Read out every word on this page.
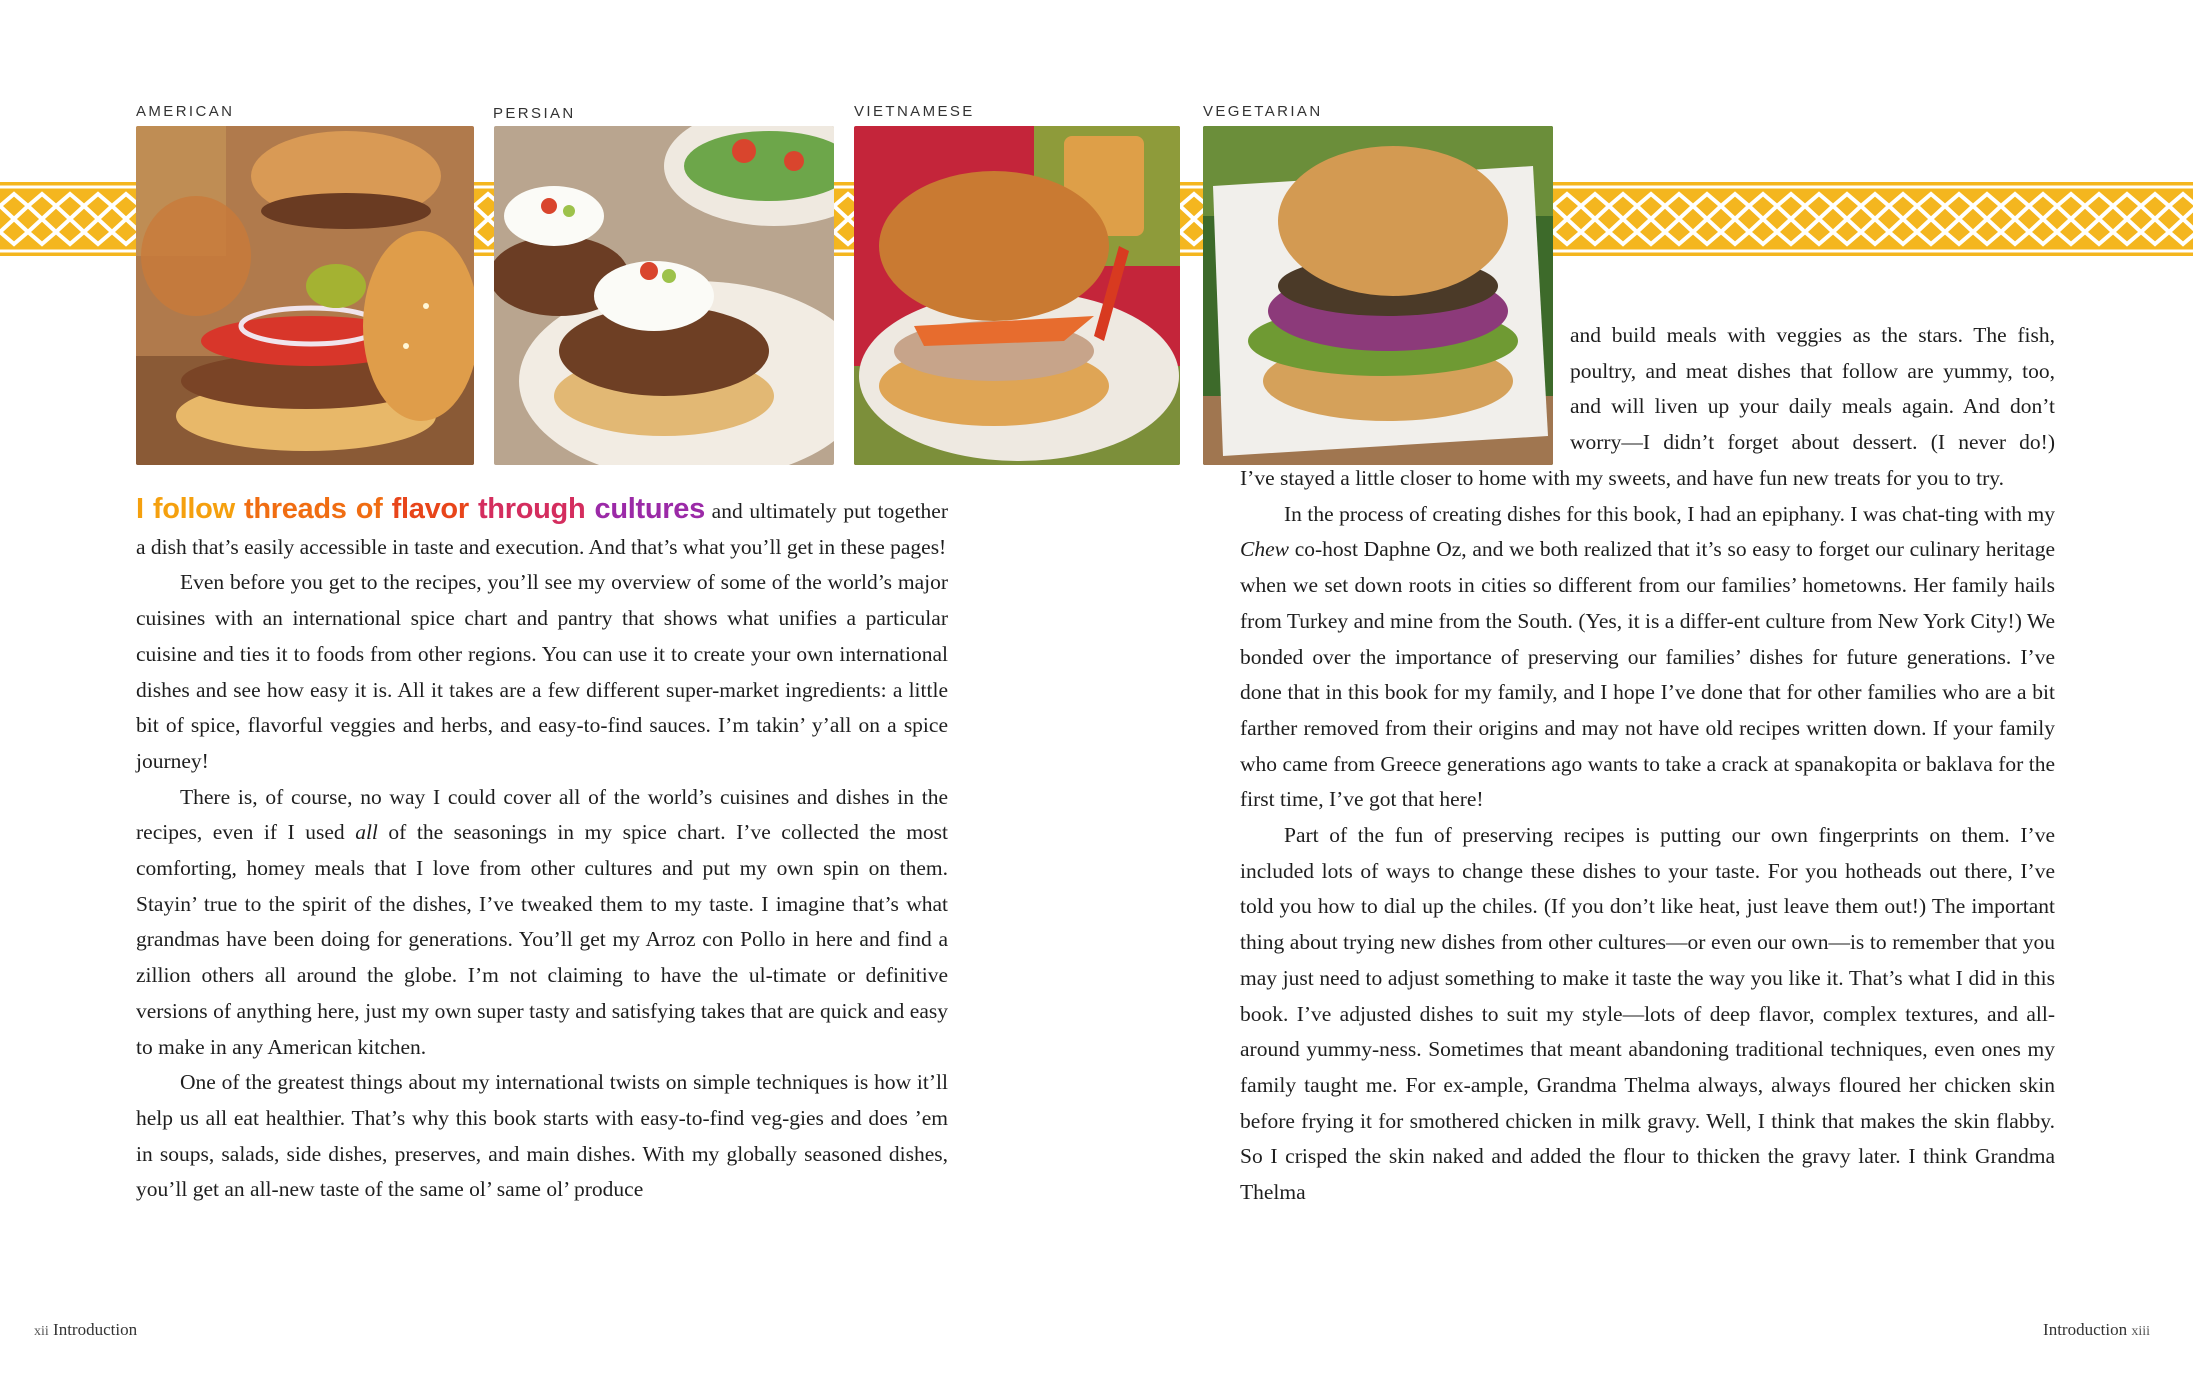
AMERICAN	PERSIAN	VIETNAMESE	VEGETARIAN

I follow threads of flavor through cultures and ultimately put together a dish that’s easily accessible in taste and execution. And that’s what you’ll get in these pages!

Even before you get to the recipes, you’ll see my overview of some of the world’s major cuisines with an international spice chart and pantry that shows what unifies a particular cuisine and ties it to foods from other regions. You can use it to create your own international dishes and see how easy it is. All it takes are a few different super-market ingredients: a little bit of spice, flavorful veggies and herbs, and easy-to-find sauces. I’m takin’ y’all on a spice journey!

There is, of course, no way I could cover all of the world’s cuisines and dishes in the recipes, even if I used all of the seasonings in my spice chart. I’ve collected the most comforting, homey meals that I love from other cultures and put my own spin on them. Stayin’ true to the spirit of the dishes, I’ve tweaked them to my taste. I imagine that’s what grandmas have been doing for generations. You’ll get my Arroz con Pollo in here and find a zillion others all around the globe. I’m not claiming to have the ul-timate or definitive versions of anything here, just my own super tasty and satisfying takes that are quick and easy to make in any American kitchen.

One of the greatest things about my international twists on simple techniques is how it’ll help us all eat healthier. That’s why this book starts with easy-to-find veg-gies and does ’em in soups, salads, side dishes, preserves, and main dishes. With my globally seasoned dishes, you’ll get an all-new taste of the same ol’ same ol’ produce

and build meals with veggies as the stars. The fish,

poultry, and meat dishes that follow are yummy, too,

and will liven up your daily meals again. And don’t

worry—I didn’t forget about dessert. (I never do!)

I’ve stayed a little closer to home with my sweets, and have fun new treats for you to try.

In the process of creating dishes for this book, I had an epiphany. I was chat-ting with my Chew co-host Daphne Oz, and we both realized that it’s so easy to forget our culinary heritage when we set down roots in cities so different from our families’ hometowns. Her family hails from Turkey and mine from the South. (Yes, it is a differ-ent culture from New York City!) We bonded over the importance of preserving our families’ dishes for future generations. I’ve done that in this book for my family, and I hope I’ve done that for other families who are a bit farther removed from their origins and may not have old recipes written down. If your family who came from Greece generations ago wants to take a crack at spanakopita or baklava for the first time, I’ve got that here!

Part of the fun of preserving recipes is putting our own fingerprints on them. I’ve included lots of ways to change these dishes to your taste. For you hotheads out there, I’ve told you how to dial up the chiles. (If you don’t like heat, just leave them out!) The important thing about trying new dishes from other cultures—or even our own—is to remember that you may just need to adjust something to make it taste the way you like it. That’s what I did in this book. I’ve adjusted dishes to suit my style—lots of deep flavor, complex textures, and all-around yummy-ness. Sometimes that meant abandoning traditional techniques, even ones my family taught me. For ex-ample, Grandma Thelma always, always floured her chicken skin before frying it for smothered chicken in milk gravy. Well, I think that makes the skin flabby. So I crisped the skin naked and added the flour to thicken the gravy later. I think Grandma Thelma

xii Introduction	Introduction xiii
